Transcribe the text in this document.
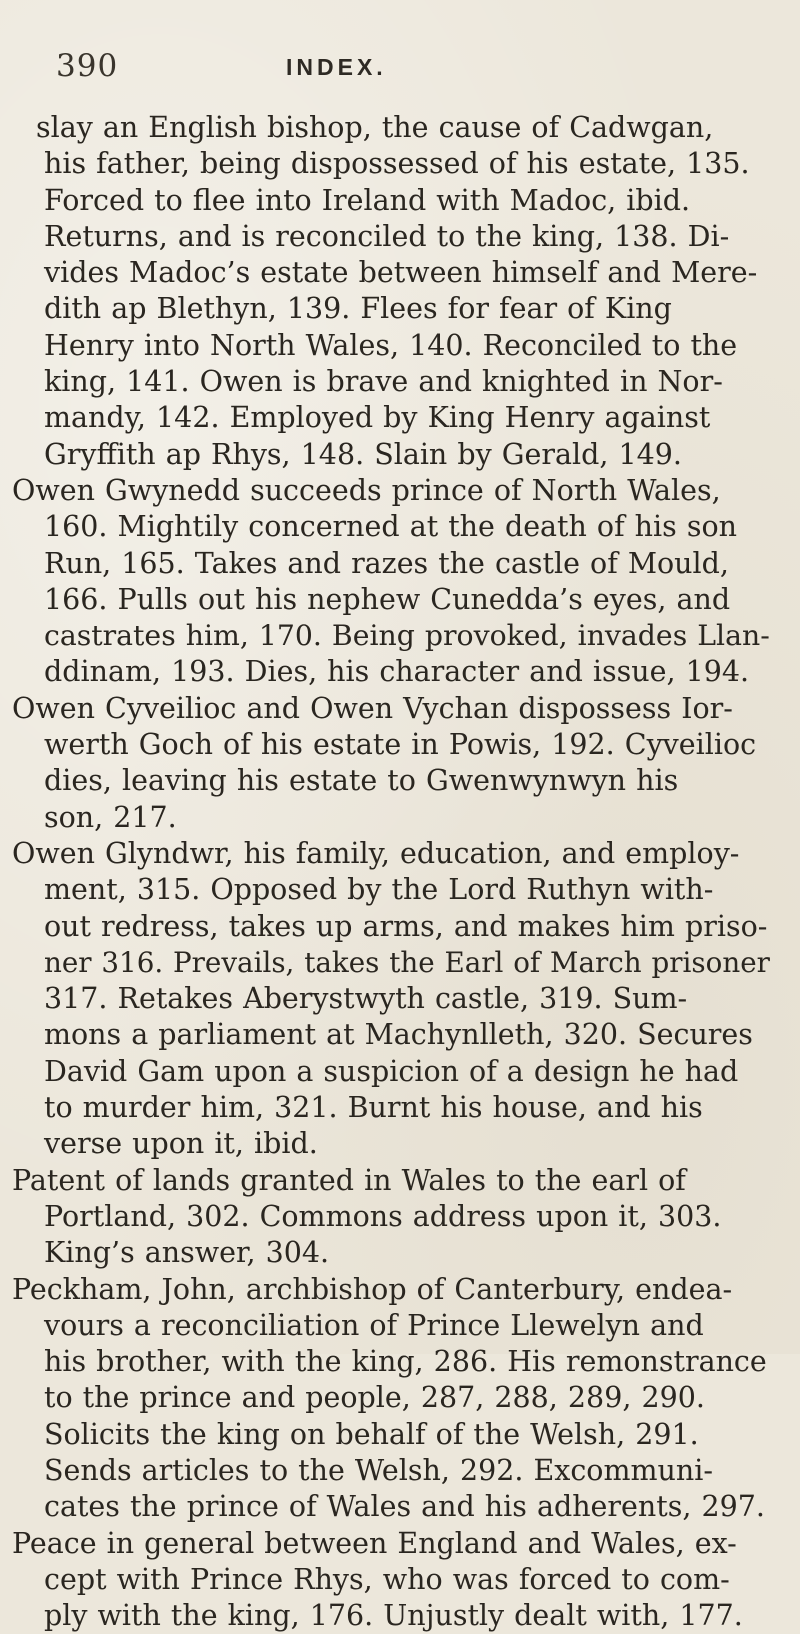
390	INDEX.
slay an English bishop, the cause of Cadwgan,
his father, being dispossessed of his estate, 135.
Forced to flee into Ireland with Madoc, ibid.
Returns, and is reconciled to the king, 138. Di-
vides Madoc’s estate between himself and Mere-
dith ap Blethyn, 139. Flees for fear of King
Henry into North Wales, 140. Reconciled to the
king, 141. Owen is brave and knighted in Nor-
mandy, 142. Employed by King Henry against
Gryffith ap Rhys, 148. Slain by Gerald, 149.
Owen Gwynedd succeeds prince of North Wales,
160. Mightily concerned at the death of his son
Run, 165. Takes and razes the castle of Mould,
166. Pulls out his nephew Cunedda’s eyes, and
castrates him, 170. Being provoked, invades Llan-
ddinam, 193. Dies, his character and issue, 194.
Owen Cyveilioc and Owen Vychan dispossess Ior-
werth Goch of his estate in Powis, 192. Cyveilioc
dies, leaving his estate to Gwenwynwyn his
son, 217.
Owen Glyndwr, his family, education, and employ-
ment, 315. Opposed by the Lord Ruthyn with-
out redress, takes up arms, and makes him priso-
ner 316. Prevails, takes the Earl of March prisoner
317. Retakes Aberystwyth castle, 319. Sum-
mons a parliament at Machynlleth, 320. Secures
David Gam upon a suspicion of a design he had
to murder him, 321. Burnt his house, and his
verse upon it, ibid.
Patent of lands granted in Wales to the earl of
Portland, 302. Commons address upon it, 303.
King’s answer, 304.
Peckham, John, archbishop of Canterbury, endea-
vours a reconciliation of Prince Llewelyn and
his brother, with the king, 286. His remonstrance
to the prince and people, 287, 288, 289, 290.
Solicits the king on behalf of the Welsh, 291.
Sends articles to the Welsh, 292. Excommuni-
cates the prince of Wales and his adherents, 297.
Peace in general between England and Wales, ex-
cept with Prince Rhys, who was forced to com-
ply with the king, 176. Unjustly dealt with, 177.
